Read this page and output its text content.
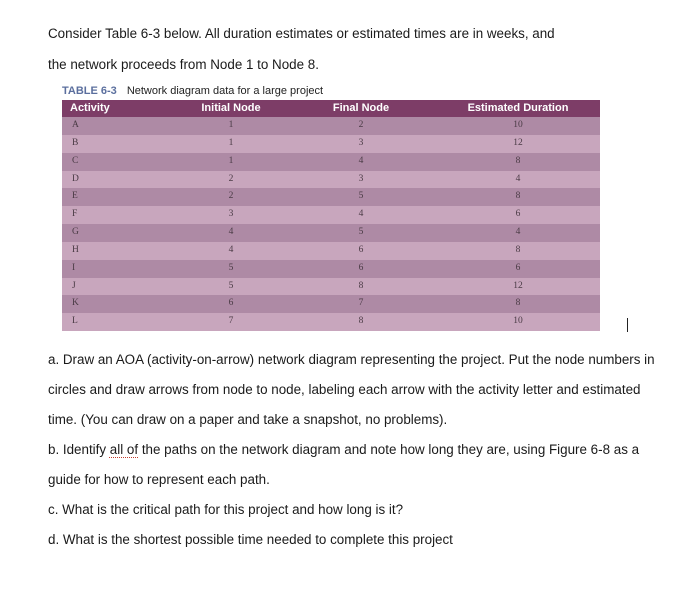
Consider Table 6-3 below. All duration estimates or estimated times are in weeks, and
the network proceeds from Node 1 to Node 8.
TABLE 6-3 Network diagram data for a large project
Activity	Initial Node	Final Node	Estimated Duration
A	1	2	10
B	1	3	12
C	1	4	8
D	2	3	4
E	2	5	8
F	3	4	6
G	4	5	4
H	4	6	8
I	5	6	6
J	5	8	12
K	6	7	8
L	7	8	10
a. Draw an AOA (activity-on-arrow) network diagram representing the project. Put the node numbers in
circles and draw arrows from node to node, labeling each arrow with the activity letter and estimated
time. (You can draw on a paper and take a snapshot, no problems).
b. Identify all of the paths on the network diagram and note how long they are, using Figure 6-8 as a
guide for how to represent each path.
c. What is the critical path for this project and how long is it?
d. What is the shortest possible time needed to complete this project
